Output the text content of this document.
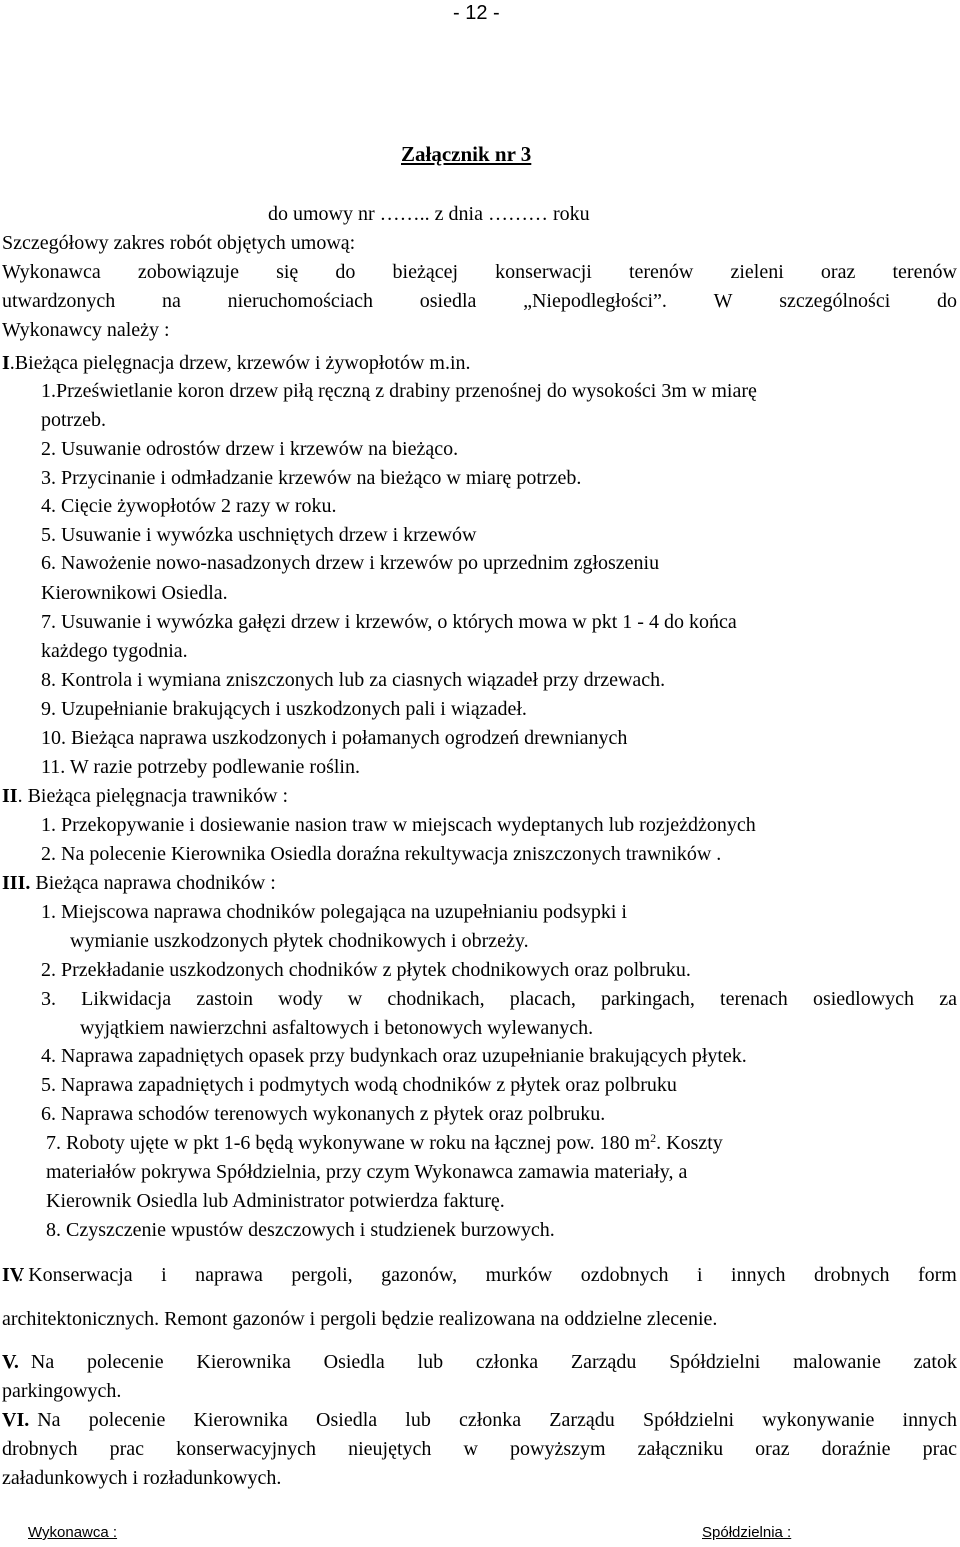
- 12 -
Załącznik nr 3
do umowy nr …….. z dnia ……… roku
Szczegółowy zakres robót objętych umową:
Wykonawca zobowiązuje się do bieżącej konserwacji terenów zieleni oraz terenów
utwardzonych na nieruchomościach osiedla „Niepodległości”. W szczególności do
Wykonawcy należy :
I.Bieżąca pielęgnacja drzew, krzewów i żywopłotów m.in.
1.Prześwietlanie koron drzew piłą ręczną z drabiny przenośnej do wysokości 3m w miarę
potrzeb.
2. Usuwanie odrostów drzew i krzewów na bieżąco.
3. Przycinanie i odmładzanie krzewów na bieżąco w miarę potrzeb.
4. Cięcie żywopłotów 2 razy w roku.
5. Usuwanie i wywózka uschniętych drzew i krzewów
6. Nawożenie nowo-nasadzonych drzew i krzewów po uprzednim zgłoszeniu
Kierownikowi Osiedla.
7. Usuwanie i wywózka gałęzi drzew i krzewów, o których mowa w pkt 1 - 4 do końca
każdego tygodnia.
8. Kontrola i wymiana zniszczonych lub za ciasnych wiązadeł przy drzewach.
9. Uzupełnianie brakujących i uszkodzonych pali i wiązadeł.
10. Bieżąca naprawa uszkodzonych i połamanych ogrodzeń drewnianych
11. W razie potrzeby podlewanie roślin.
II. Bieżąca pielęgnacja trawników :
1. Przekopywanie i dosiewanie nasion traw w miejscach wydeptanych lub rozjeżdżonych
2. Na polecenie Kierownika Osiedla doraźna rekultywacja zniszczonych trawników .
III. Bieżąca naprawa chodników :
1. Miejscowa naprawa chodników polegająca na uzupełnianiu podsypki i
wymianie uszkodzonych płytek chodnikowych i obrzeży.
2. Przekładanie uszkodzonych chodników z płytek chodnikowych oraz polbruku.
3. Likwidacja zastoin wody w chodnikach, placach, parkingach, terenach osiedlowych za
wyjątkiem nawierzchni asfaltowych i betonowych wylewanych.
4. Naprawa zapadniętych opasek przy budynkach oraz uzupełnianie brakujących płytek.
5. Naprawa zapadniętych i podmytych wodą chodników z płytek oraz polbruku
6. Naprawa schodów terenowych wykonanych z płytek oraz polbruku.
7. Roboty ujęte w pkt 1-6 będą wykonywane w roku na łącznej pow. 180 $m^2$. Koszty
materiałów pokrywa Spółdzielnia, przy czym Wykonawca zamawia materiały, a
Kierownik Osiedla lub Administrator potwierdza fakturę.
8. Czyszczenie wpustów deszczowych i studzienek burzowych.
IV
. Konserwacja i naprawa pergoli, gazonów, murków ozdobnych i innych drobnych form
architektonicznych. Remont gazonów i pergoli będzie realizowana na oddzielne zlecenie.
V. Na polecenie Kierownika Osiedla lub członka Zarządu Spółdzielni malowanie zatok
parkingowych.
VI. Na polecenie Kierownika Osiedla lub członka Zarządu Spółdzielni wykonywanie innych
drobnych prac konserwacyjnych nieujętych w powyższym załączniku oraz doraźnie prac
załadunkowych i rozładunkowych.
Wykonawca :	Spółdzielnia :
